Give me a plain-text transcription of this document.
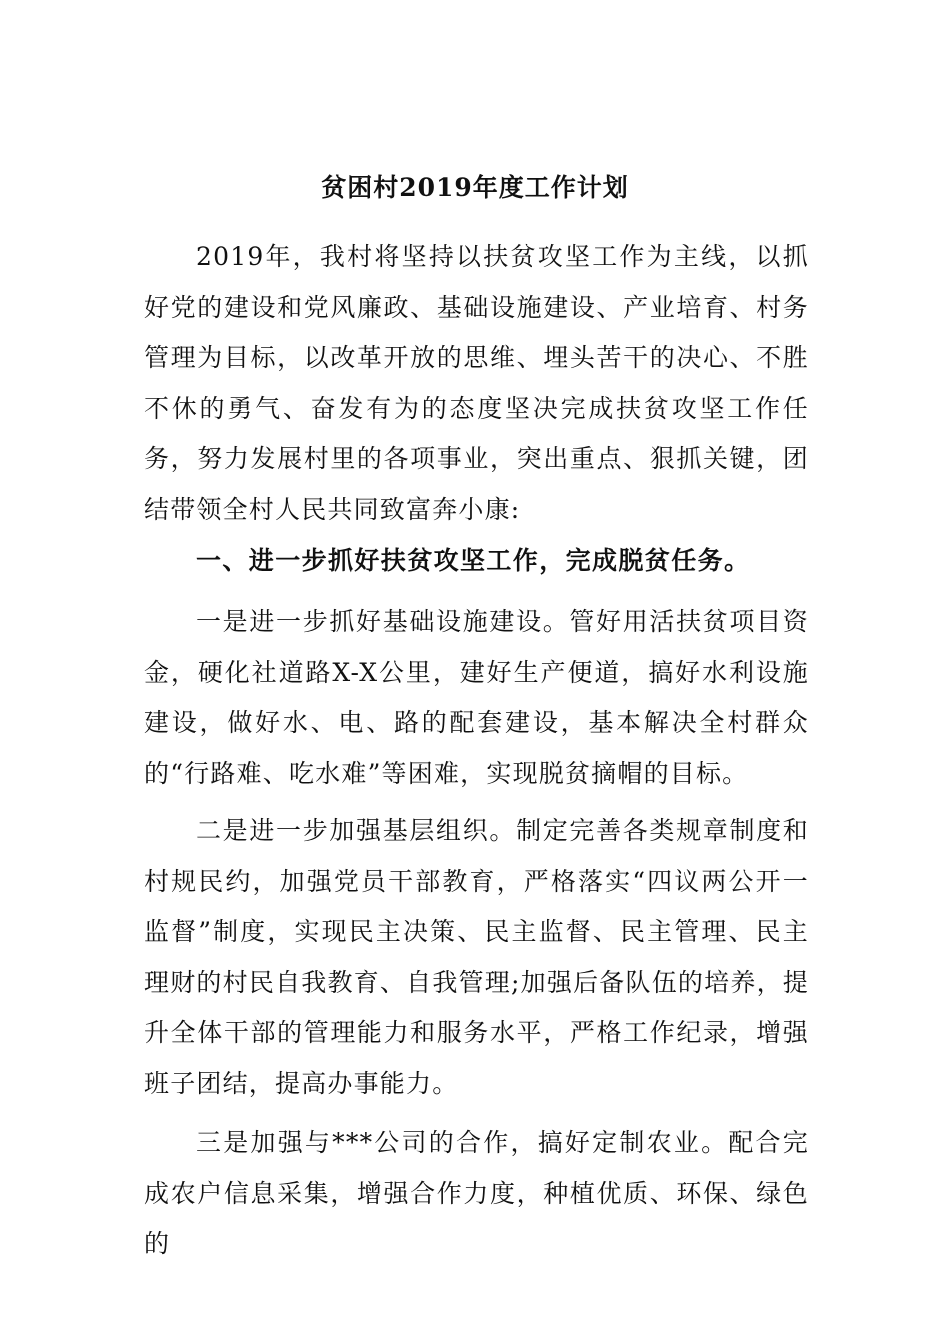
贫困村2019年度工作计划
2019年，我村将坚持以扶贫攻坚工作为主线，以抓好党的建设和党风廉政、基础设施建设、产业培育、村务管理为目标，以改革开放的思维、埋头苦干的决心、不胜不休的勇气、奋发有为的态度坚决完成扶贫攻坚工作任务，努力发展村里的各项事业，突出重点、狠抓关键，团结带领全村人民共同致富奔小康:
一、进一步抓好扶贫攻坚工作，完成脱贫任务。
一是进一步抓好基础设施建设。管好用活扶贫项目资金，硬化社道路X-X公里，建好生产便道，搞好水利设施建设，做好水、电、路的配套建设，基本解决全村群众的“行路难、吃水难”等困难，实现脱贫摘帽的目标。
二是进一步加强基层组织。制定完善各类规章制度和村规民约，加强党员干部教育，严格落实“四议两公开一监督”制度，实现民主决策、民主监督、民主管理、民主理财的村民自我教育、自我管理;加强后备队伍的培养，提升全体干部的管理能力和服务水平，严格工作纪录，增强班子团结，提高办事能力。
三是加强与***公司的合作，搞好定制农业。配合完成农户信息采集，增强合作力度，种植优质、环保、绿色的
